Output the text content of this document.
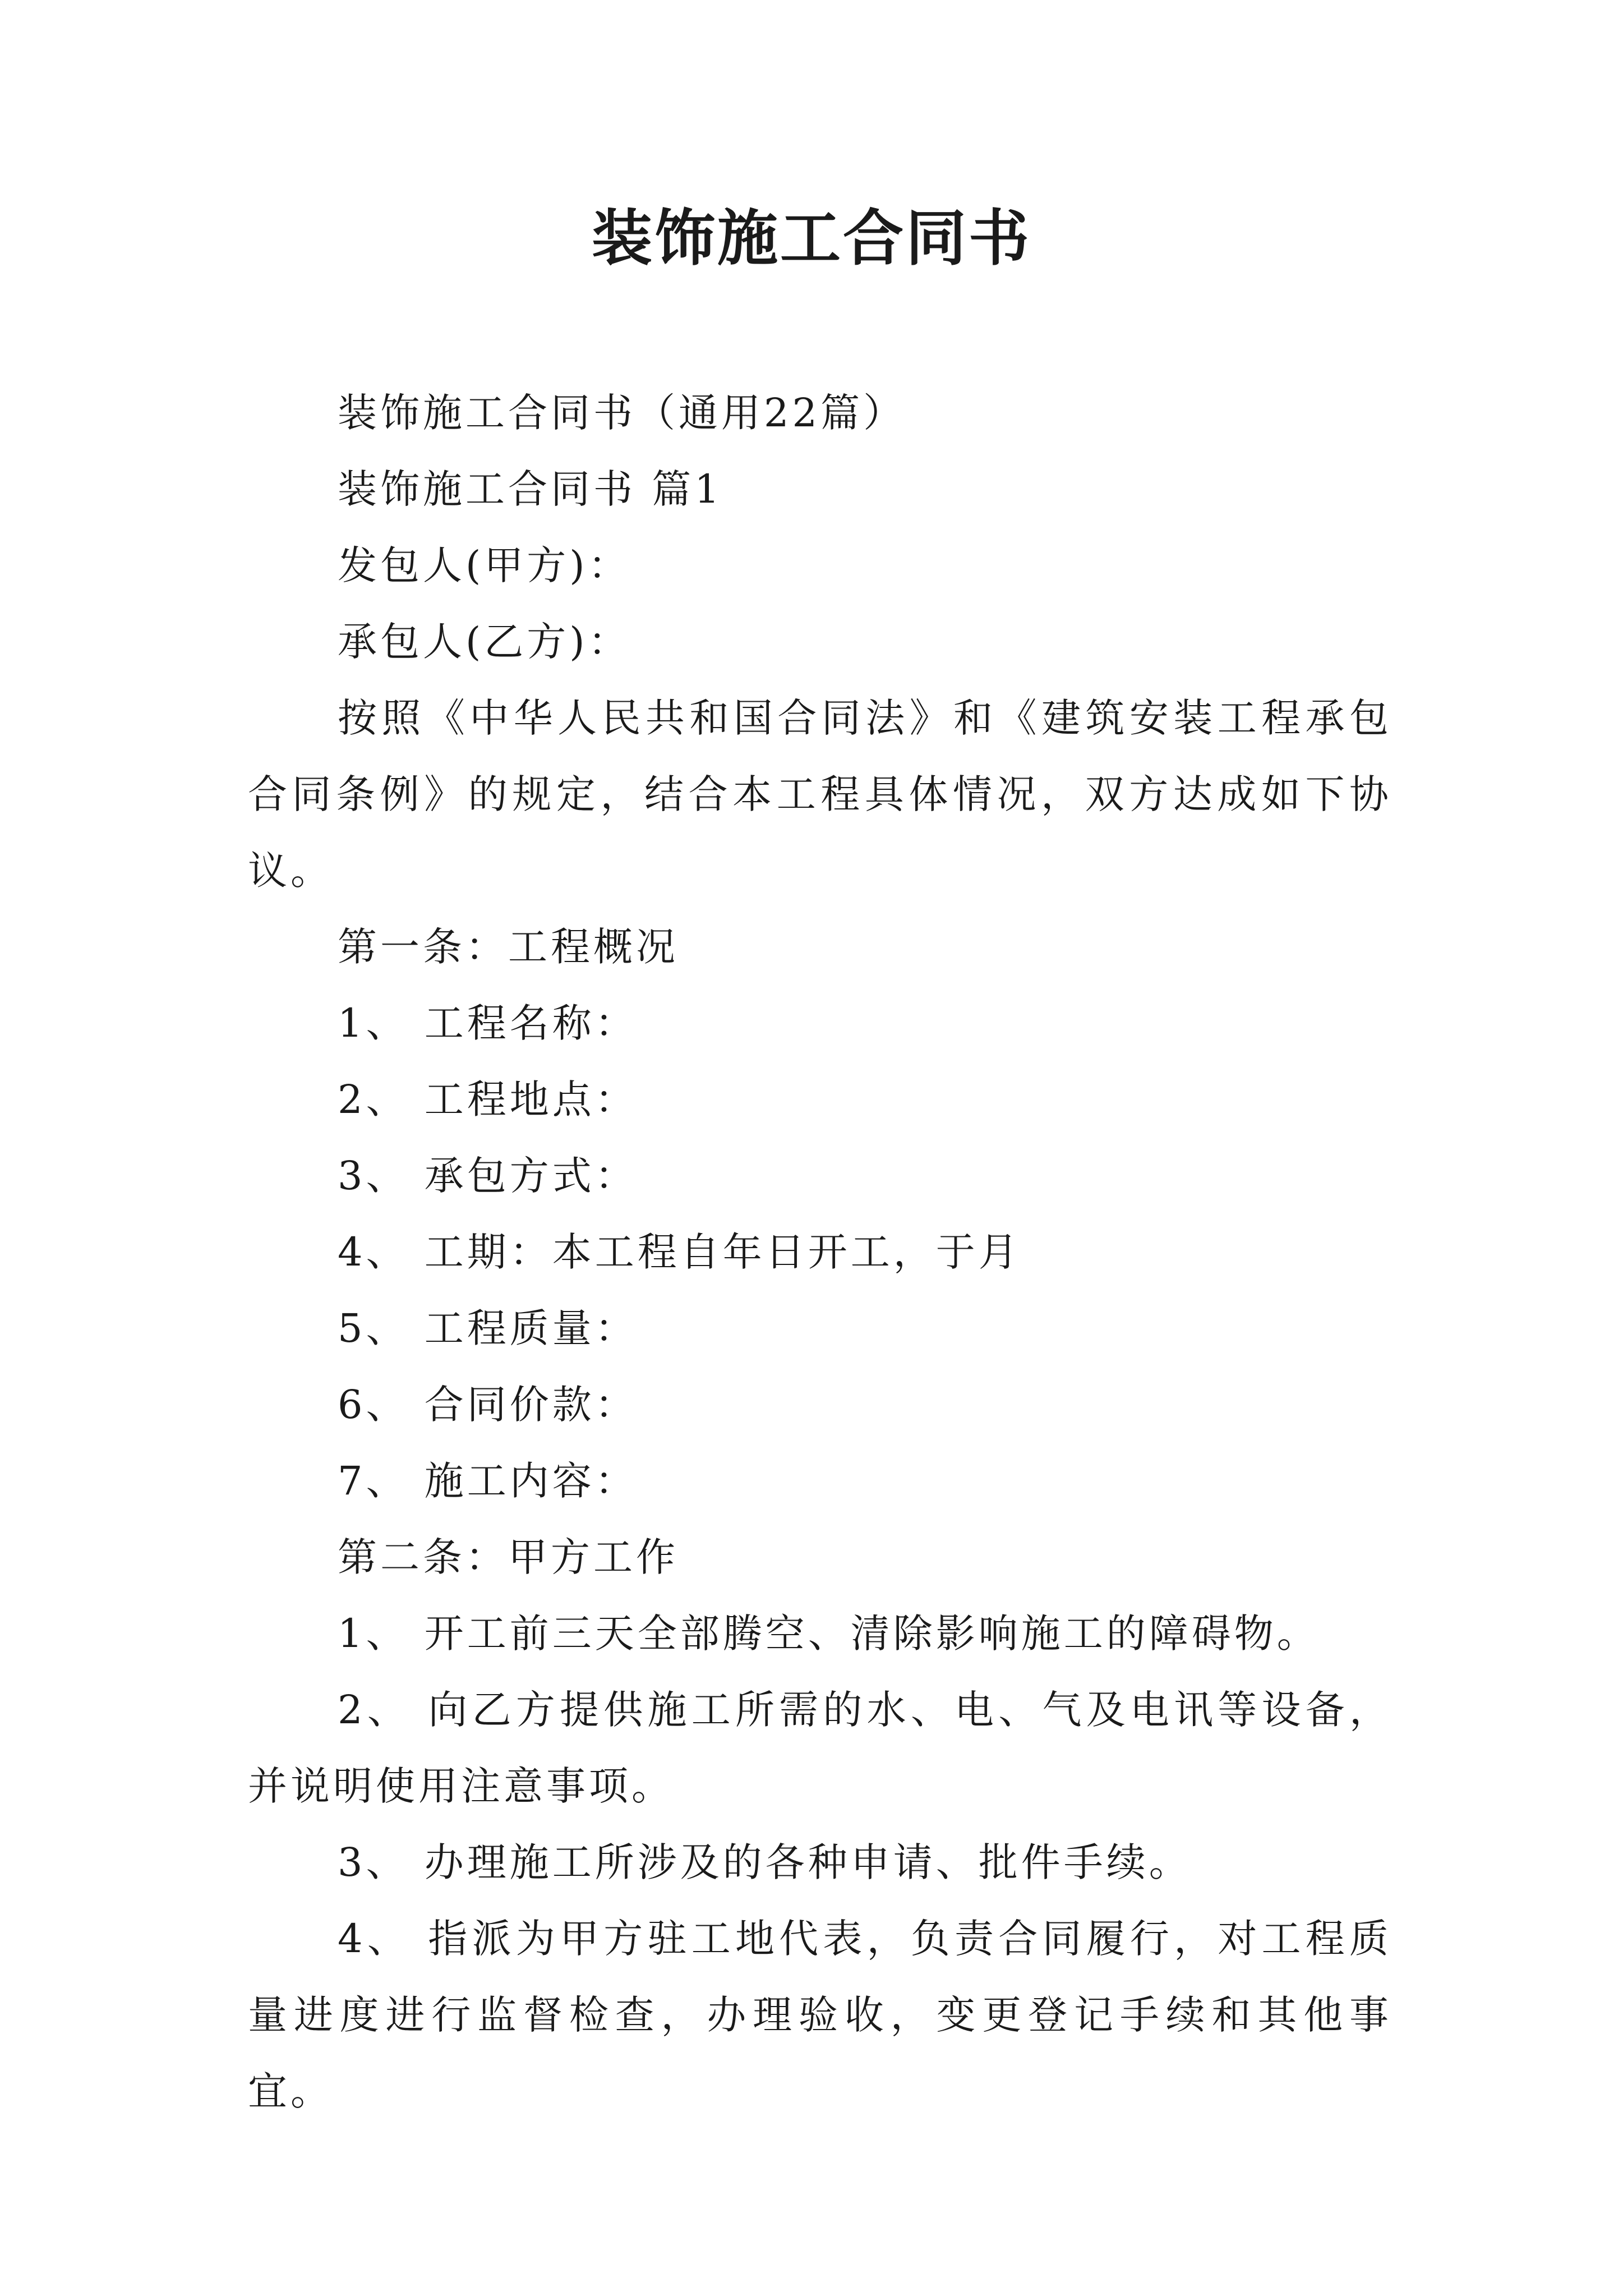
装饰施工合同书

装饰施工合同书（通用22篇）

装饰施工合同书 篇1

发包人(甲方)：

承包人(乙方)：

按照《中华人民共和国合同法》和《建筑安装工程承包合同条例》的规定，结合本工程具体情况，双方达成如下协议。

第一条：工程概况

1、 工程名称：

2、 工程地点：

3、 承包方式：

4、 工期：本工程自年日开工，于月

5、 工程质量：

6、 合同价款：

7、 施工内容：

第二条：甲方工作

1、 开工前三天全部腾空、清除影响施工的障碍物。

2、 向乙方提供施工所需的水、电、气及电讯等设备，并说明使用注意事项。

3、 办理施工所涉及的各种申请、批件手续。

4、 指派为甲方驻工地代表，负责合同履行，对工程质量进度进行监督检查，办理验收，变更登记手续和其他事宜。
